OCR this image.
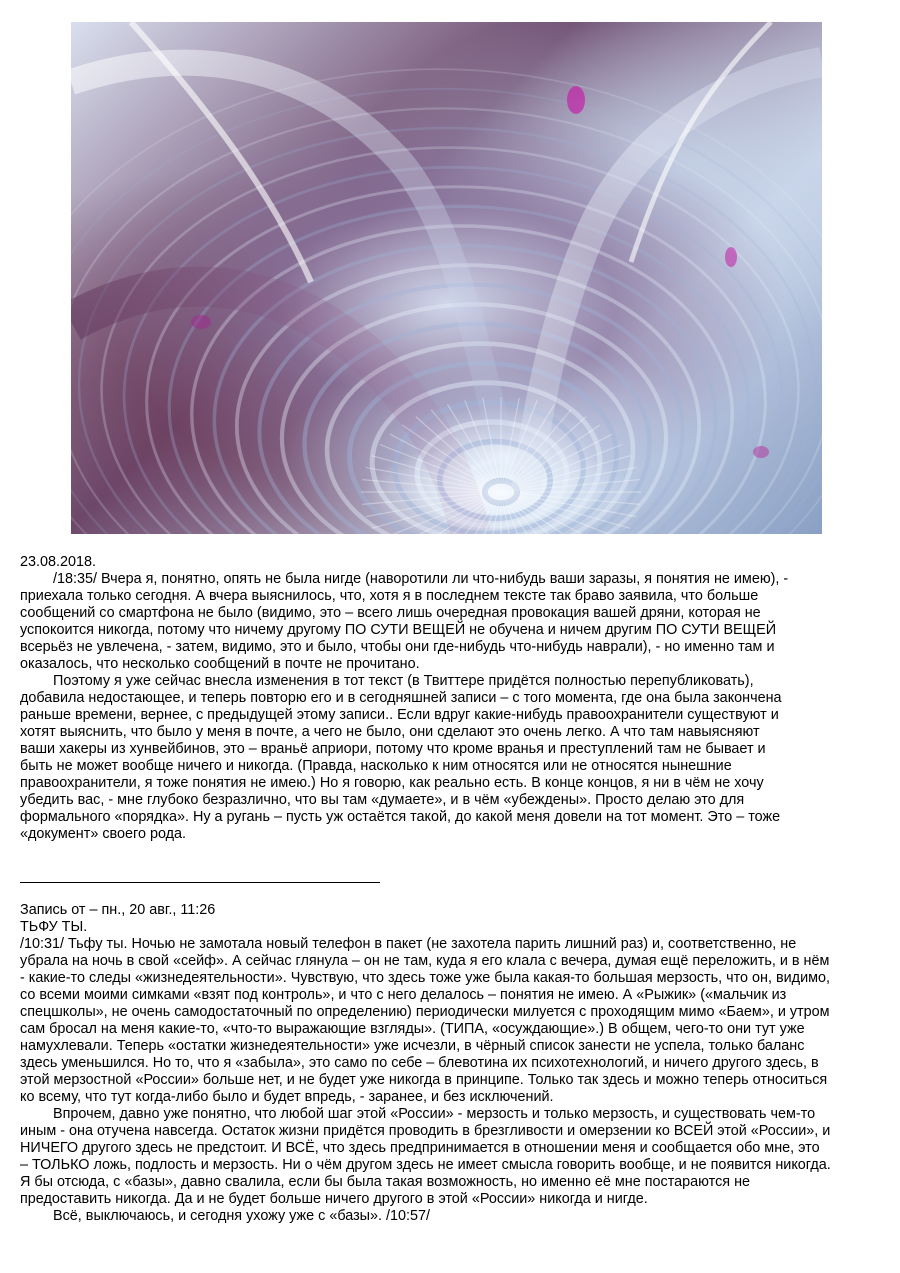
23.08.2018.

/18:35/ Вчера я, понятно, опять не была нигде (наворотили ли что-нибудь ваши заразы, я понятия не имею), -

приехала только сегодня. А вчера выяснилось, что, хотя я в последнем тексте так браво заявила, что больше

сообщений со смартфона не было (видимо, это – всего лишь очередная провокация вашей дряни, которая не

успокоится никогда, потому что ничему другому ПО СУТИ ВЕЩЕЙ не обучена и ничем другим ПО СУТИ ВЕЩЕЙ

всерьёз не увлечена, - затем, видимо, это и было, чтобы они где-нибудь что-нибудь наврали), - но именно там и

оказалось, что несколько сообщений в почте не прочитано.

Поэтому я уже сейчас внесла изменения в тот текст (в Твиттере придётся полностью перепубликовать),

добавила недостающее, и теперь повторю его и в сегодняшней записи – с того момента, где она была закончена

раньше времени, вернее, с предыдущей этому записи.. Если вдруг какие-нибудь правоохранители существуют и

хотят выяснить, что было у меня в почте, а чего не было, они сделают это очень легко. А что там навыясняют

ваши хакеры из хунвейбинов, это – враньё априори, потому что кроме вранья и преступлений там не бывает и

быть не может вообще ничего и никогда. (Правда, насколько к ним относятся или не относятся нынешние

правоохранители, я тоже понятия не имею.) Но я говорю, как реально есть. В конце концов, я ни в чём не хочу

убедить вас, - мне глубоко безразлично, что вы там «думаете», и в чём «убеждены». Просто делаю это для

формального «порядка». Ну а ругань – пусть уж остаётся такой, до какой меня довели на тот момент. Это – тоже

«документ» своего рода.

Запись от – пн., 20 авг., 11:26

ТЬФУ ТЫ.

/10:31/ Тьфу ты. Ночью не замотала новый телефон в пакет (не захотела парить лишний раз) и, соответственно, не

убрала на ночь в свой «сейф». А сейчас глянула – он не там, куда я его клала с вечера, думая ещё переложить, и в нём

- какие-то следы «жизнедеятельности». Чувствую, что здесь тоже уже была какая-то большая мерзость, что он, видимо,

со всеми моими симками «взят под контроль», и что с него делалось – понятия не имею. А «Рыжик» («мальчик из

спецшколы», не очень самодостаточный по определению) периодически милуется с проходящим мимо «Баем», и утром

сам бросал на меня какие-то, «что-то выражающие взгляды». (ТИПА, «осуждающие».) В общем, чего-то они тут уже

намухлевали. Теперь «остатки жизнедеятельности» уже исчезли, в чёрный список занести не успела, только баланс

здесь уменьшился. Но то, что я «забыла», это само по себе – блевотина их психотехнологий, и ничего другого здесь, в

этой мерзостной «России» больше нет, и не будет уже никогда в принципе. Только так здесь и можно теперь относиться

ко всему, что тут когда-либо было и будет впредь, - заранее, и без исключений.

Впрочем, давно уже понятно, что любой шаг этой «России» - мерзость и только мерзость, и существовать чем-то

иным - она отучена навсегда. Остаток жизни придётся проводить в брезгливости и омерзении ко ВСЕЙ этой «России», и

НИЧЕГО другого здесь не предстоит. И ВСЁ, что здесь предпринимается в отношении меня и сообщается обо мне, это

– ТОЛЬКО ложь, подлость и мерзость. Ни о чём другом здесь не имеет смысла говорить вообще, и не появится никогда.

Я бы отсюда, с «базы», давно свалила, если бы была такая возможность, но именно её мне постараются не

предоставить никогда. Да и не будет больше ничего другого в этой «России» никогда и нигде.

Всё, выключаюсь, и сегодня ухожу уже с «базы». /10:57/
